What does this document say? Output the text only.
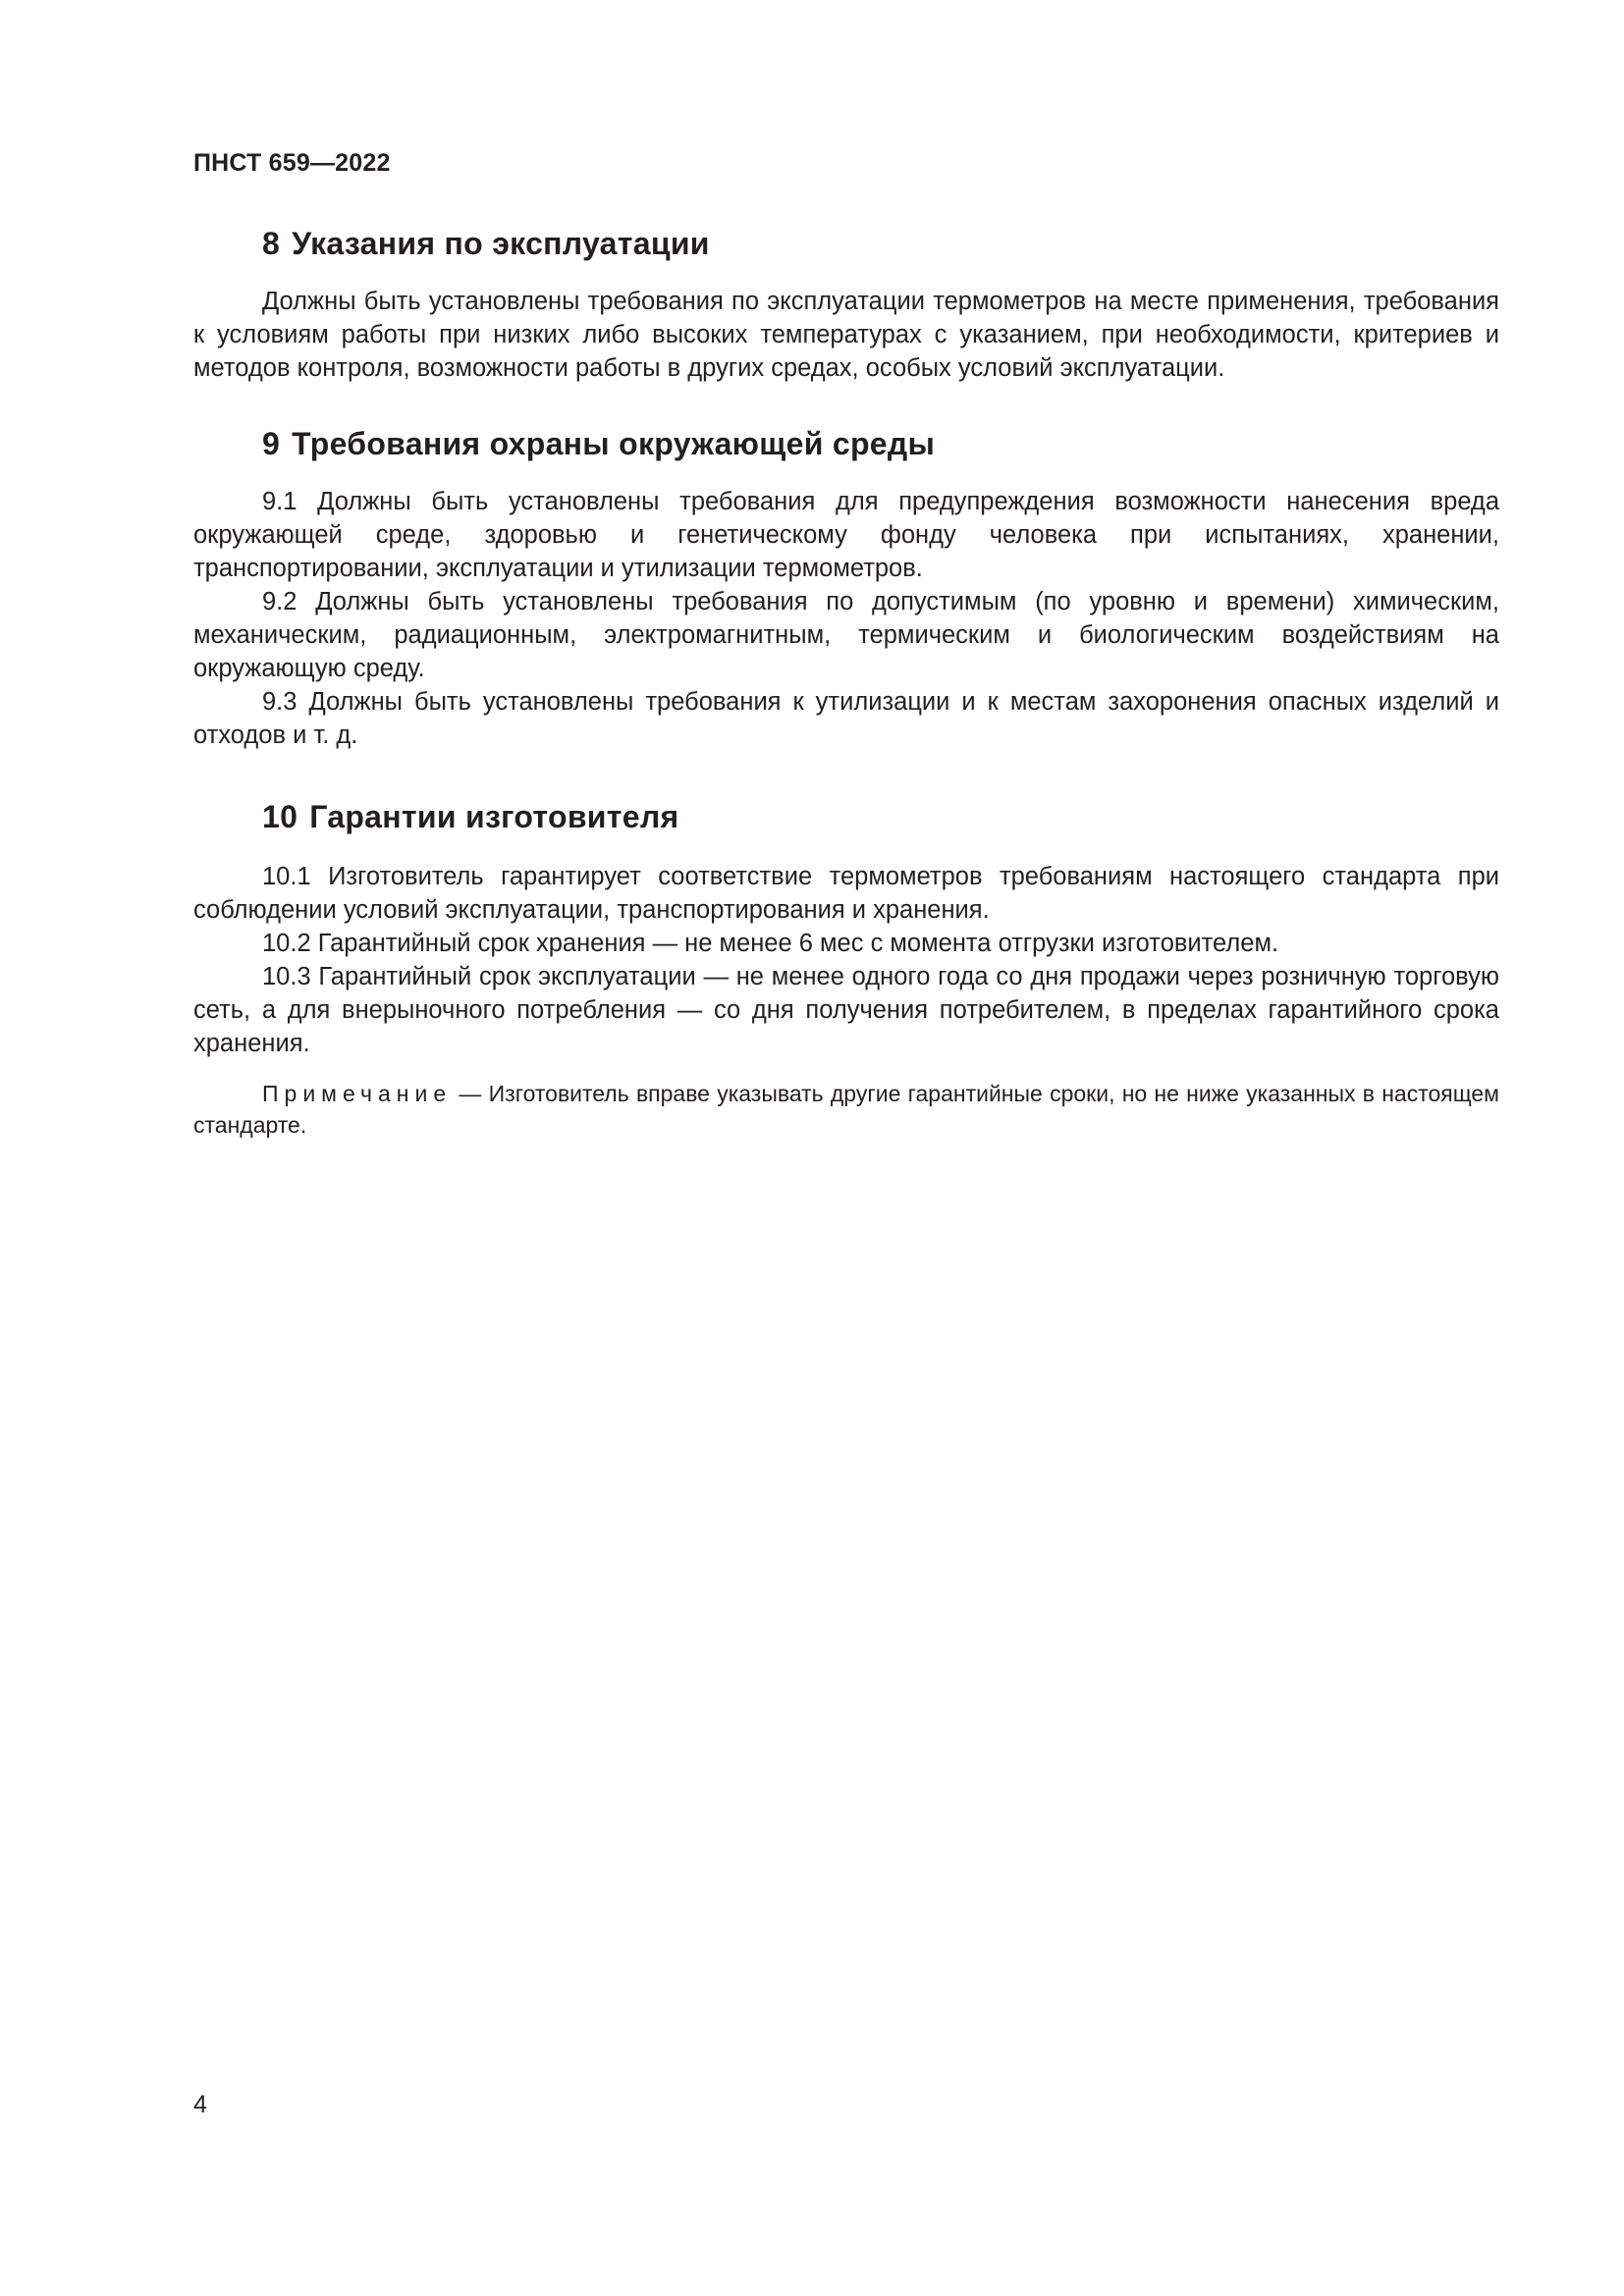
ПНСТ 659—2022
8 Указания по эксплуатации

Должны быть установлены требования по эксплуатации термометров на месте применения, требования к условиям работы при низких либо высоких температурах с указанием, при необходимости, критериев и методов контроля, возможности работы в других средах, особых условий эксплуатации.

9 Требования охраны окружающей среды

9.1 Должны быть установлены требования для предупреждения возможности нанесения вреда окружающей среде, здоровью и генетическому фонду человека при испытаниях, хранении, транспортировании, эксплуатации и утилизации термометров.

9.2 Должны быть установлены требования по допустимым (по уровню и времени) химическим, механическим, радиационным, электромагнитным, термическим и биологическим воздействиям на окружающую среду.

9.3 Должны быть установлены требования к утилизации и к местам захоронения опасных изделий и отходов и т. д.

10 Гарантии изготовителя

10.1 Изготовитель гарантирует соответствие термометров требованиям настоящего стандарта при соблюдении условий эксплуатации, транспортирования и хранения.

10.2 Гарантийный срок хранения — не менее 6 мес с момента отгрузки изготовителем.

10.3 Гарантийный срок эксплуатации — не менее одного года со дня продажи через розничную торговую сеть, а для внерыночного потребления — со дня получения потребителем, в пределах гарантийного срока хранения.

Примечание — Изготовитель вправе указывать другие гарантийные сроки, но не ниже указанных в настоящем стандарте.
4
